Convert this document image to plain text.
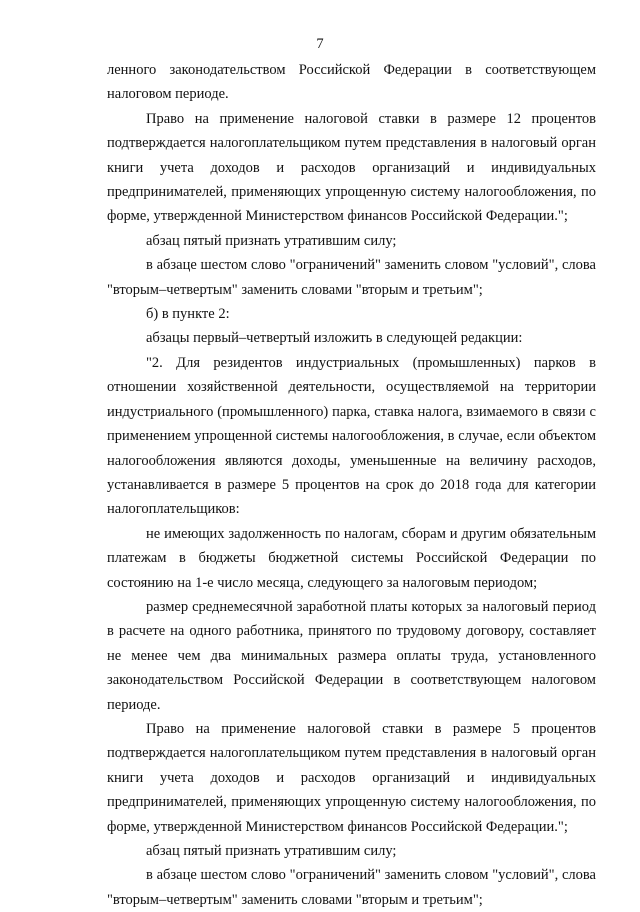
7

ленного законодательством Российской Федерации в соответствующем налоговом периоде.

Право на применение налоговой ставки в размере 12 процентов подтверждается налогоплательщиком путем представления в налоговый орган книги учета доходов и расходов организаций и индивидуальных предпринимателей, применяющих упрощенную систему налогообложения, по форме, утвержденной Министерством финансов Российской Федерации.";

абзац пятый признать утратившим силу;

в абзаце шестом слово "ограничений" заменить словом "условий", слова "вторым–четвертым" заменить словами "вторым и третьим";

б) в пункте 2:

абзацы первый–четвертый изложить в следующей редакции:

"2. Для резидентов индустриальных (промышленных) парков в отношении хозяйственной деятельности, осуществляемой на территории индустриального (промышленного) парка, ставка налога, взимаемого в связи с применением упрощенной системы налогообложения, в случае, если объектом налогообложения являются доходы, уменьшенные на величину расходов, устанавливается в размере 5 процентов на срок до 2018 года для категории налогоплательщиков:

не имеющих задолженность по налогам, сборам и другим обязательным платежам в бюджеты бюджетной системы Российской Федерации по состоянию на 1-е число месяца, следующего за налоговым периодом;

размер среднемесячной заработной платы которых за налоговый период в расчете на одного работника, принятого по трудовому договору, составляет не менее чем два минимальных размера оплаты труда, установленного законодательством Российской Федерации в соответствующем налоговом периоде.

Право на применение налоговой ставки в размере 5 процентов подтверждается налогоплательщиком путем представления в налоговый орган книги учета доходов и расходов организаций и индивидуальных предпринимателей, применяющих упрощенную систему налогообложения, по форме, утвержденной Министерством финансов Российской Федерации.";

абзац пятый признать утратившим силу;

в абзаце шестом слово "ограничений" заменить словом "условий", слова "вторым–четвертым" заменить словами "вторым и третьим";
